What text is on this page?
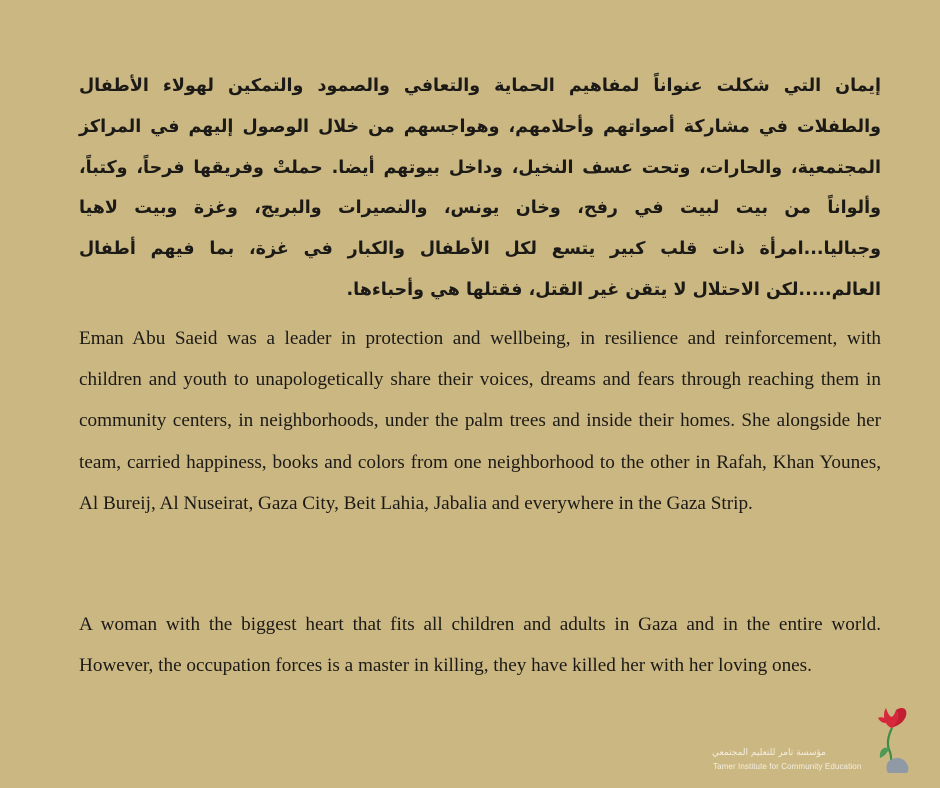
إيمان التي شكلت عنواناً لمفاهيم الحماية والتعافي والصمود والتمكين لهولاء الأطفال والطفلات في مشاركة أصواتهم وأحلامهم، وهواجسهم من خلال الوصول إليهم في المراكز المجتمعية، والحارات، وتحت عسف النخيل، وداخل بيوتهم أيضا. حملتْ وفريقها فرحاً، وكتباً، وألواناً من بيت لبيت في رفح، وخان يونس، والنصيرات والبريج، وغزة وبيت لاهيا وجباليا...امرأة ذات قلب كبير يتسع لكل الأطفال والكبار في غزة، بما فيهم أطفال العالم.....لكن الاحتلال لا يتقن غير القتل، فقتلها هي وأحباءها.

Eman Abu Saeid was a leader in protection and wellbeing, in resilience and reinforcement, with children and youth to unapologetically share their voices, dreams and fears through reaching them in community centers, in neighborhoods, under the palm trees and inside their homes. She alongside her team, carried happiness, books and colors from one neighborhood to the other in Rafah, Khan Younes, Al Bureij, Al Nuseirat, Gaza City, Beit Lahia, Jabalia and everywhere in the Gaza Strip.

A woman with the biggest heart that fits all children and adults in Gaza and in the entire world. However, the occupation forces is a master in killing, they have killed her with her loving ones.

مؤسسة تامر للتعليم المجتمعي
Tamer Institute for Community Education
